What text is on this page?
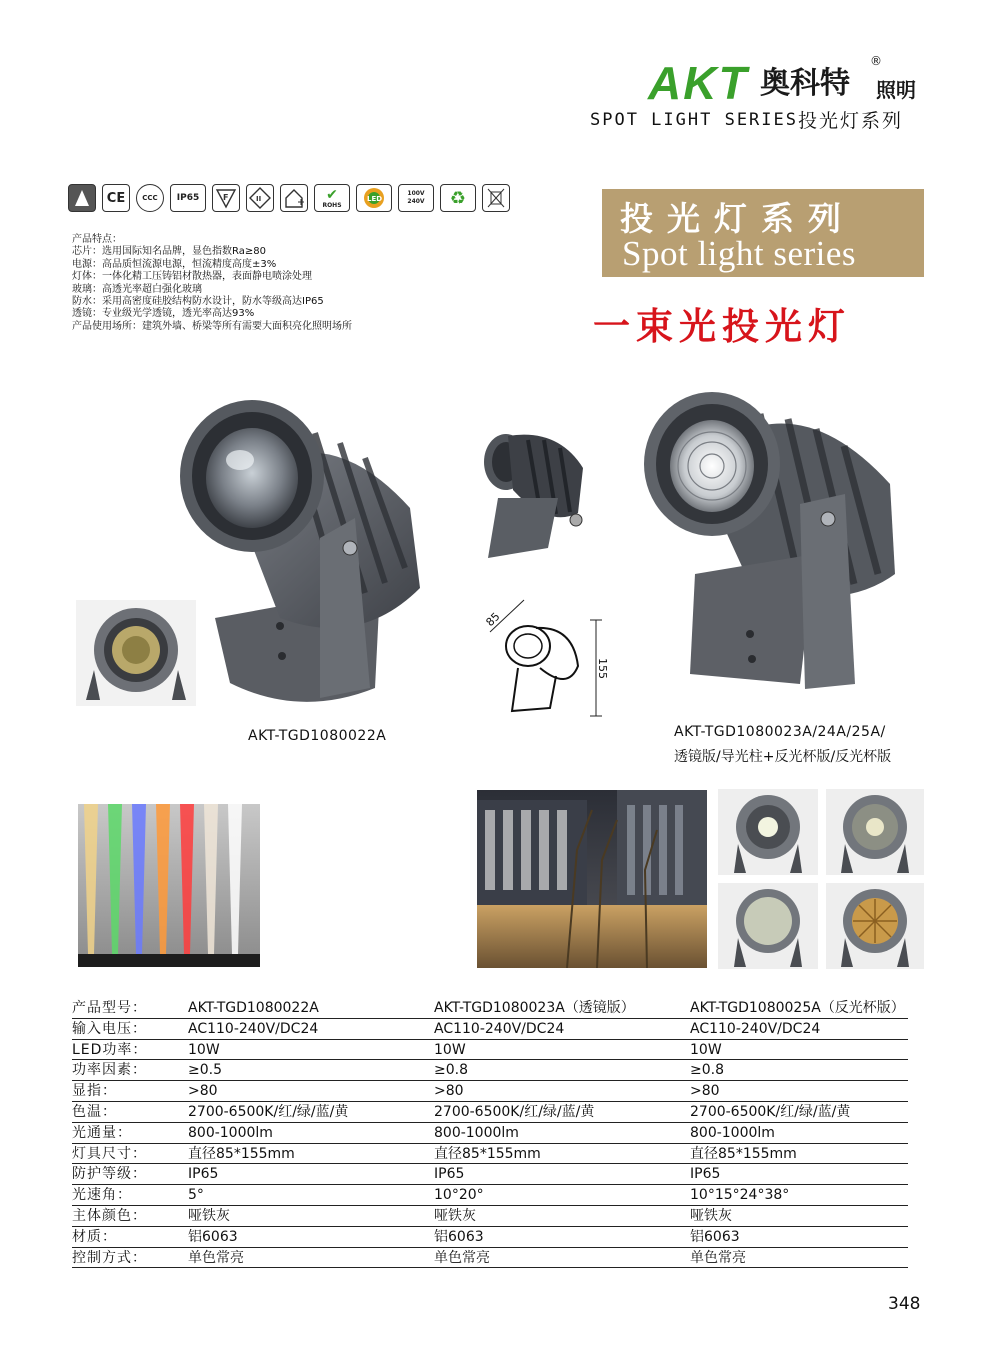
AKT 奥科特
®
照明
SPOT LIGHT SERIES 投光灯系列
CE	CCC	IP65	F	II	✔
ROHS
LED
100V 240V	♻
产品特点：
芯片：选用国际知名品牌，显色指数Ra≥80
电源：高品质恒流源电源，恒流精度高度±3%
灯体：一体化精工压铸铝材散热器，表面静电喷涂处理
玻璃：高透光率超白强化玻璃
防水：采用高密度硅胶结构防水设计，防水等级高达IP65
透镜：专业级光学透镜，透光率高达93%
产品使用场所：建筑外墙、桥梁等所有需要大面积亮化照明场所
投光灯系列
Spot light series
一束光投光灯
85
155
AKT-TGD1080022A	AKT-TGD1080023A/24A/25A/
透镜版/导光柱+反光杯版/反光杯版
产品型号：	AKT-TGD1080022A	AKT-TGD1080023A（透镜版）	AKT-TGD1080025A（反光杯版）
输入电压：	AC110-240V/DC24	AC110-240V/DC24	AC110-240V/DC24
LED功率：	10W	10W	10W
功率因素：	≥0.5	≥0.8	≥0.8
显指：	>80	>80	>80
色温：	2700-6500K/红/绿/蓝/黄	2700-6500K/红/绿/蓝/黄	2700-6500K/红/绿/蓝/黄
光通量：	800-1000lm	800-1000lm	800-1000lm
灯具尺寸：	直径85*155mm	直径85*155mm	直径85*155mm
防护等级：	IP65	IP65	IP65
光速角：	5°	10°20°	10°15°24°38°
主体颜色：	哑铁灰	哑铁灰	哑铁灰
材质：	铝6063	铝6063	铝6063
控制方式：	单色常亮	单色常亮	单色常亮
348
